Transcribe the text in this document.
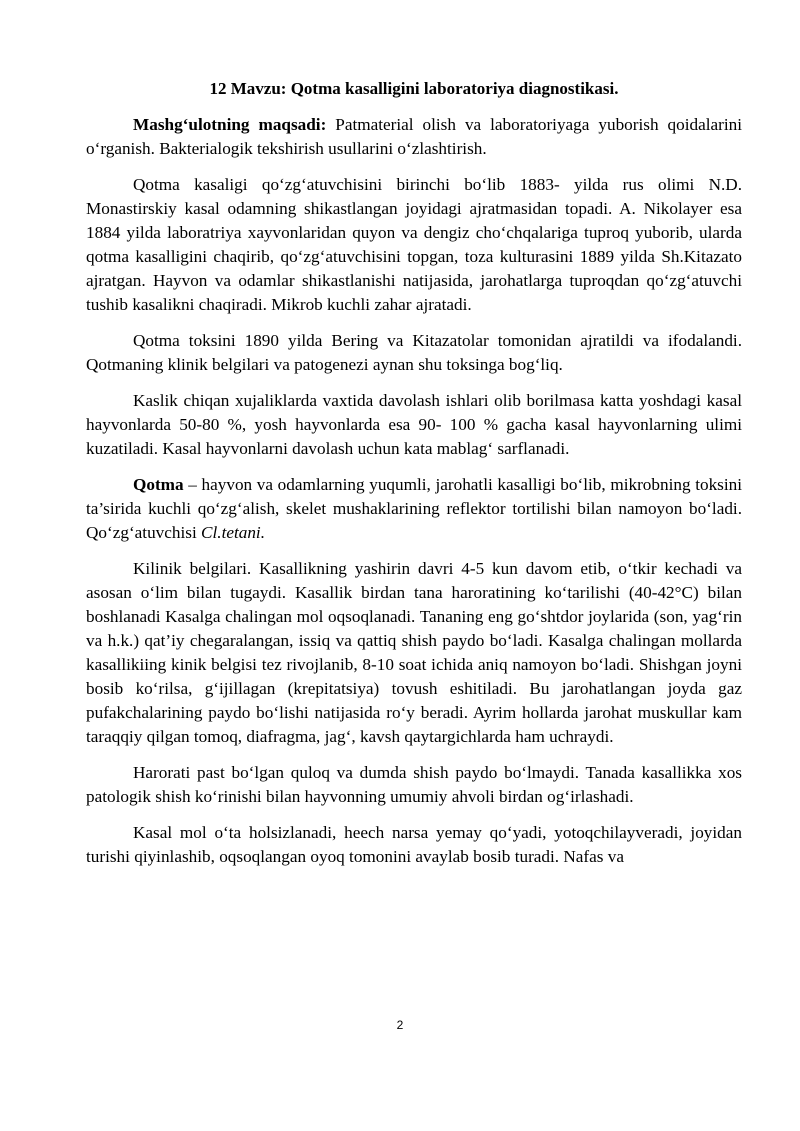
12 Mavzu: Qotma kasalligini laboratoriya diagnostikasi.

Mashg‘ulotning maqsadi: Patmaterial olish va laboratoriyaga yuborish qoidalarini o‘rganish. Bakterialogik tekshirish usullarini o‘zlashtirish.

Qotma kasaligi qo‘zg‘atuvchisini birinchi bo‘lib 1883- yilda rus olimi N.D. Monastirskiy kasal odamning shikastlangan joyidagi ajratmasidan topadi. A. Nikolayer esa 1884 yilda laboratriya xayvonlaridan quyon va dengiz cho‘chqalariga tuproq yuborib, ularda qotma kasalligini chaqirib, qo‘zg‘atuvchisini topgan, toza kulturasini 1889 yilda Sh.Kitazato ajratgan. Hayvon va odamlar shikastlanishi natijasida, jarohatlarga tuproqdan qo‘zg‘atuvchi tushib kasalikni chaqiradi. Mikrob kuchli zahar ajratadi.

Qotma toksini 1890 yilda Bering va Kitazatolar tomonidan ajratildi va ifodalandi. Qotmaning klinik belgilari va patogenezi aynan shu toksinga bog‘liq.

Kaslik chiqan xujaliklarda vaxtida davolash ishlari olib borilmasa katta yoshdagi kasal hayvonlarda 50-80 %, yosh hayvonlarda esa 90- 100 % gacha kasal hayvonlarning ulimi kuzatiladi. Kasal hayvonlarni davolash uchun kata mablag‘ sarflanadi.

Qotma – hayvon va odamlarning yuqumli, jarohatli kasalligi bo‘lib, mikrobning toksini ta’sirida kuchli qo‘zg‘alish, skelet mushaklarining reflektor tortilishi bilan namoyon bo‘ladi. Qo‘zg‘atuvchisi Cl.tetani.

Kilinik belgilari. Kasallikning yashirin davri 4-5 kun davom etib, o‘tkir kechadi va asosan o‘lim bilan tugaydi. Kasallik birdan tana haroratining ko‘tarilishi (40-42°C) bilan boshlanadi Kasalga chalingan mol oqsoqlanadi. Tananing eng go‘shtdor joylarida (son, yag‘rin va h.k.) qat’iy chegaralangan, issiq va qattiq shish paydo bo‘ladi. Kasalga chalingan mollarda kasallikiing kinik belgisi tez rivojlanib, 8-10 soat ichida aniq namoyon bo‘ladi. Shishgan joyni bosib ko‘rilsa, g‘ijillagan (krepitatsiya) tovush eshitiladi. Bu jarohatlangan joyda gaz pufakchalarining paydo bo‘lishi natijasida ro‘y beradi. Ayrim hollarda jarohat muskullar kam taraqqiy qilgan tomoq, diafragma, jag‘, kavsh qaytargichlarda ham uchraydi.

Harorati past bo‘lgan quloq va dumda shish paydo bo‘lmaydi. Tanada kasallikka xos patologik shish ko‘rinishi bilan hayvonning umumiy ahvoli birdan og‘irlashadi.

Kasal mol o‘ta holsizlanadi, heech narsa yemay qo‘yadi, yotoqchilayveradi, joyidan turishi qiyinlashib, oqsoqlangan oyoq tomonini avaylab bosib turadi. Nafas va

2
